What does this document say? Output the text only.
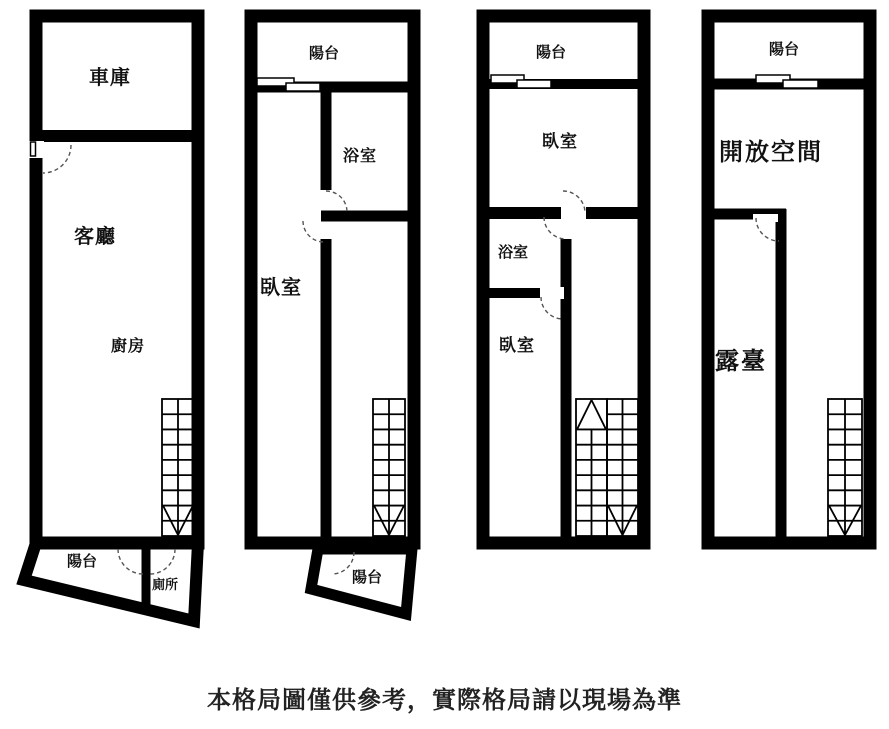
車庫
客廳
廚房
陽台
廁所
陽台
浴室
臥室
陽台
陽台
臥室
浴室
臥室
陽台
開放空間
露臺
本格局圖僅供參考，實際格局請以現場為準
